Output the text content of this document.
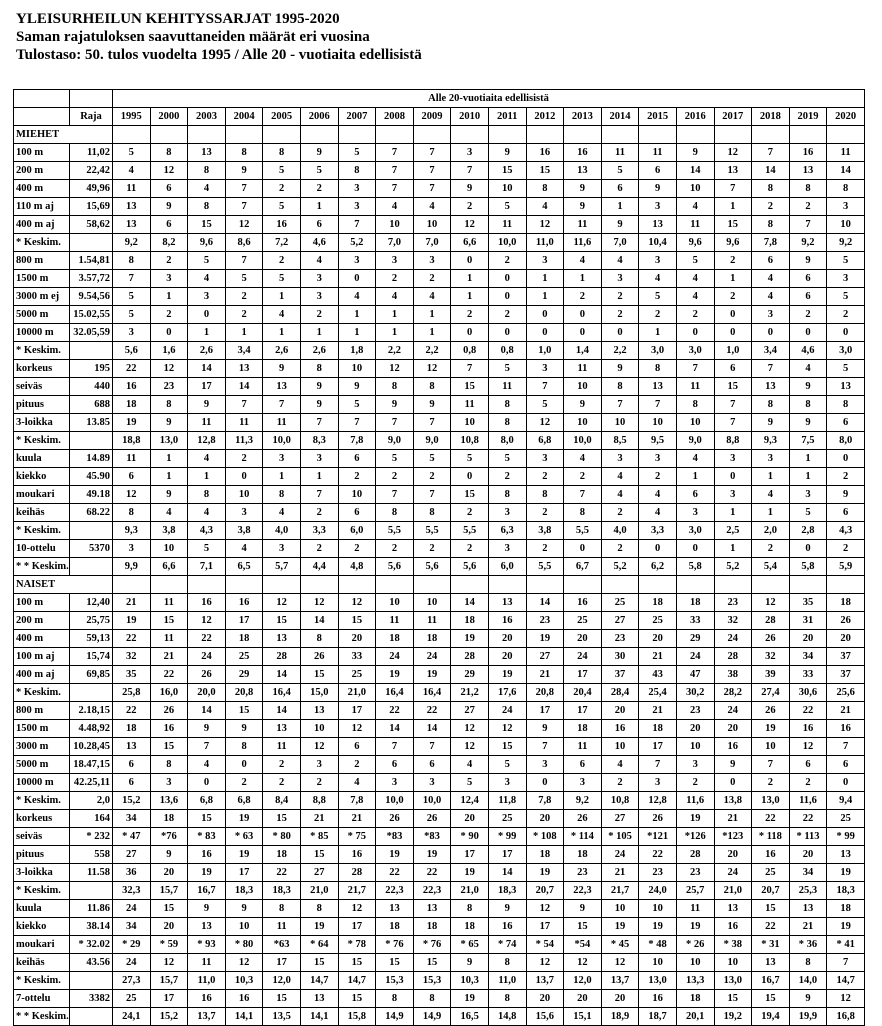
YLEISURHEILUN KEHITYSSARJAT 1995-2020
Saman rajatuloksen saavuttaneiden määrät eri vuosina
Tulostaso: 50. tulos vuodelta 1995 / Alle 20 - vuotiaita edellisistä
		Alle 20-vuotiaita edellisistä																			
	Raja	1995	2000	2003	2004	2005	2006	2007	2008	2009	2010	2011	2012	2013	2014	2015	2016	2017	2018	2019	2020
MIEHET																					
100 m	11,02	5	8	13	8	8	9	5	7	7	3	9	16	16	11	11	9	12	7	16	11
200 m	22,42	4	12	8	9	5	5	8	7	7	7	15	15	13	5	6	14	13	14	13	14
400 m	49,96	11	6	4	7	2	2	3	7	7	9	10	8	9	6	9	10	7	8	8	8
110 m aj	15,69	13	9	8	7	5	1	3	4	4	2	5	4	9	1	3	4	1	2	2	3
400 m aj	58,62	13	6	15	12	16	6	7	10	10	12	11	12	11	9	13	11	15	8	7	10
* Keskim.		9,2	8,2	9,6	8,6	7,2	4,6	5,2	7,0	7,0	6,6	10,0	11,0	11,6	7,0	10,4	9,6	9,6	7,8	9,2	9,2
800 m	1.54,81	8	2	5	7	2	4	3	3	3	0	2	3	4	4	3	5	2	6	9	5
1500 m	3.57,72	7	3	4	5	5	3	0	2	2	1	0	1	1	3	4	4	1	4	6	3
3000 m ej	9.54,56	5	1	3	2	1	3	4	4	4	1	0	1	2	2	5	4	2	4	6	5
5000 m	15.02,55	5	2	0	2	4	2	1	1	1	2	2	0	0	2	2	2	0	3	2	2
10000 m	32.05,59	3	0	1	1	1	1	1	1	1	0	0	0	0	0	1	0	0	0	0	0
* Keskim.		5,6	1,6	2,6	3,4	2,6	2,6	1,8	2,2	2,2	0,8	0,8	1,0	1,4	2,2	3,0	3,0	1,0	3,4	4,6	3,0
korkeus	195	22	12	14	13	9	8	10	12	12	7	5	3	11	9	8	7	6	7	4	5
seiväs	440	16	23	17	14	13	9	9	8	8	15	11	7	10	8	13	11	15	13	9	13
pituus	688	18	8	9	7	7	9	5	9	9	11	8	5	9	7	7	8	7	8	8	8
3-loikka	13.85	19	9	11	11	11	7	7	7	7	10	8	12	10	10	10	10	7	9	9	6
* Keskim.		18,8	13,0	12,8	11,3	10,0	8,3	7,8	9,0	9,0	10,8	8,0	6,8	10,0	8,5	9,5	9,0	8,8	9,3	7,5	8,0
kuula	14.89	11	1	4	2	3	3	6	5	5	5	5	3	4	3	3	4	3	3	1	0
kiekko	45.90	6	1	1	0	1	1	2	2	2	0	2	2	2	4	2	1	0	1	1	2
moukari	49.18	12	9	8	10	8	7	10	7	7	15	8	8	7	4	4	6	3	4	3	9
keihäs	68.22	8	4	4	3	4	2	6	8	8	2	3	2	8	2	4	3	1	1	5	6
* Keskim.		9,3	3,8	4,3	3,8	4,0	3,3	6,0	5,5	5,5	5,5	6,3	3,8	5,5	4,0	3,3	3,0	2,5	2,0	2,8	4,3
10-ottelu	5370	3	10	5	4	3	2	2	2	2	2	3	2	0	2	0	0	1	2	0	2
* * Keskim.		9,9	6,6	7,1	6,5	5,7	4,4	4,8	5,6	5,6	5,6	6,0	5,5	6,7	5,2	6,2	5,8	5,2	5,4	5,8	5,9
NAISET																					
100 m	12,40	21	11	16	16	12	12	12	10	10	14	13	14	16	25	18	18	23	12	35	18
200 m	25,75	19	15	12	17	15	14	15	11	11	18	16	23	25	27	25	33	32	28	31	26
400 m	59,13	22	11	22	18	13	8	20	18	18	19	20	19	20	23	20	29	24	26	20	20
100 m aj	15,74	32	21	24	25	28	26	33	24	24	28	20	27	24	30	21	24	28	32	34	37
400 m aj	69,85	35	22	26	29	14	15	25	19	19	29	19	21	17	37	43	47	38	39	33	37
* Keskim.		25,8	16,0	20,0	20,8	16,4	15,0	21,0	16,4	16,4	21,2	17,6	20,8	20,4	28,4	25,4	30,2	28,2	27,4	30,6	25,6
800 m	2.18,15	22	26	14	15	14	13	17	22	22	27	24	17	17	20	21	23	24	26	22	21
1500 m	4.48,92	18	16	9	9	13	10	12	14	14	12	12	9	18	16	18	20	20	19	16	16
3000 m	10.28,45	13	15	7	8	11	12	6	7	7	12	15	7	11	10	17	10	16	10	12	7
5000 m	18.47,15	6	8	4	0	2	3	2	6	6	4	5	3	6	4	7	3	9	7	6	6
10000 m	42.25,11	6	3	0	2	2	2	4	3	3	5	3	0	3	2	3	2	0	2	2	0
* Keskim.	2,0	15,2	13,6	6,8	6,8	8,4	8,8	7,8	10,0	10,0	12,4	11,8	7,8	9,2	10,8	12,8	11,6	13,8	13,0	11,6	9,4
korkeus	164	34	18	15	19	15	21	21	26	26	20	25	20	26	27	26	19	21	22	22	25
seiväs	* 232	* 47	*76	* 83	* 63	* 80	* 85	* 75	*83	*83	* 90	* 99	* 108	* 114	* 105	*121	*126	*123	* 118	* 113	* 99
pituus	558	27	9	16	19	18	15	16	19	19	17	17	18	18	24	22	28	20	16	20	13
3-loikka	11.58	36	20	19	17	22	27	28	22	22	19	14	19	23	21	23	23	24	25	34	19
* Keskim.		32,3	15,7	16,7	18,3	18,3	21,0	21,7	22,3	22,3	21,0	18,3	20,7	22,3	21,7	24,0	25,7	21,0	20,7	25,3	18,3
kuula	11.86	24	15	9	9	8	8	12	13	13	8	9	12	9	10	10	11	13	15	13	18
kiekko	38.14	34	20	13	10	11	19	17	18	18	18	16	17	15	19	19	19	16	22	21	19
moukari	* 32.02	* 29	* 59	* 93	* 80	*63	* 64	* 78	* 76	* 76	* 65	* 74	* 54	*54	* 45	* 48	* 26	* 38	* 31	* 36	* 41
keihäs	43.56	24	12	11	12	17	15	15	15	15	9	8	12	12	12	10	10	10	13	8	7
* Keskim.		27,3	15,7	11,0	10,3	12,0	14,7	14,7	15,3	15,3	10,3	11,0	13,7	12,0	13,7	13,0	13,3	13,0	16,7	14,0	14,7
7-ottelu	3382	25	17	16	16	15	13	15	8	8	19	8	20	20	20	16	18	15	15	9	12
* * Keskim.		24,1	15,2	13,7	14,1	13,5	14,1	15,8	14,9	14,9	16,5	14,8	15,6	15,1	18,9	18,7	20,1	19,2	19,4	19,9	16,8
